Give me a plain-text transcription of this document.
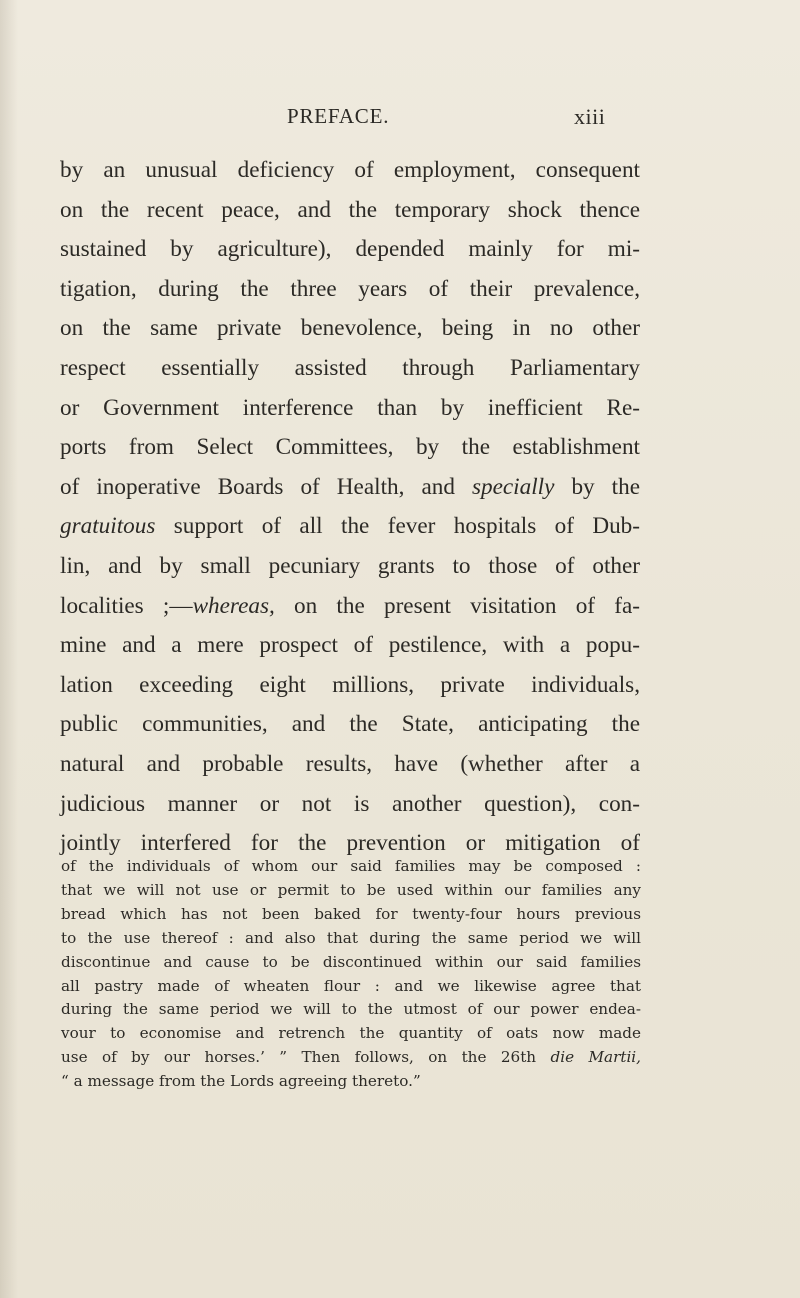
PREFACE.	xiii
by an unusual deficiency of employment, consequent
on the recent peace, and the temporary shock thence
sustained by agriculture), depended mainly for mi-
tigation, during the three years of their prevalence,
on the same private benevolence, being in no other
respect essentially assisted through Parliamentary
or Government interference than by inefficient Re-
ports from Select Committees, by the establishment
of inoperative Boards of Health, and specially by the
gratuitous support of all the fever hospitals of Dub-
lin, and by small pecuniary grants to those of other
localities ;—whereas, on the present visitation of fa-
mine and a mere prospect of pestilence, with a popu-
lation exceeding eight millions, private individuals,
public communities, and the State, anticipating the
natural and probable results, have (whether after a
judicious manner or not is another question), con-
jointly interfered for the prevention or mitigation of
of the individuals of whom our said families may be composed :
that we will not use or permit to be used within our families any
bread which has not been baked for twenty-four hours previous
to the use thereof : and also that during the same period we will
discontinue and cause to be discontinued within our said families
all pastry made of wheaten flour : and we likewise agree that
during the same period we will to the utmost of our power endea-
vour to economise and retrench the quantity of oats now made
use of by our horses.’ ” Then follows, on the 26th die Martii,
“ a message from the Lords agreeing thereto.”
